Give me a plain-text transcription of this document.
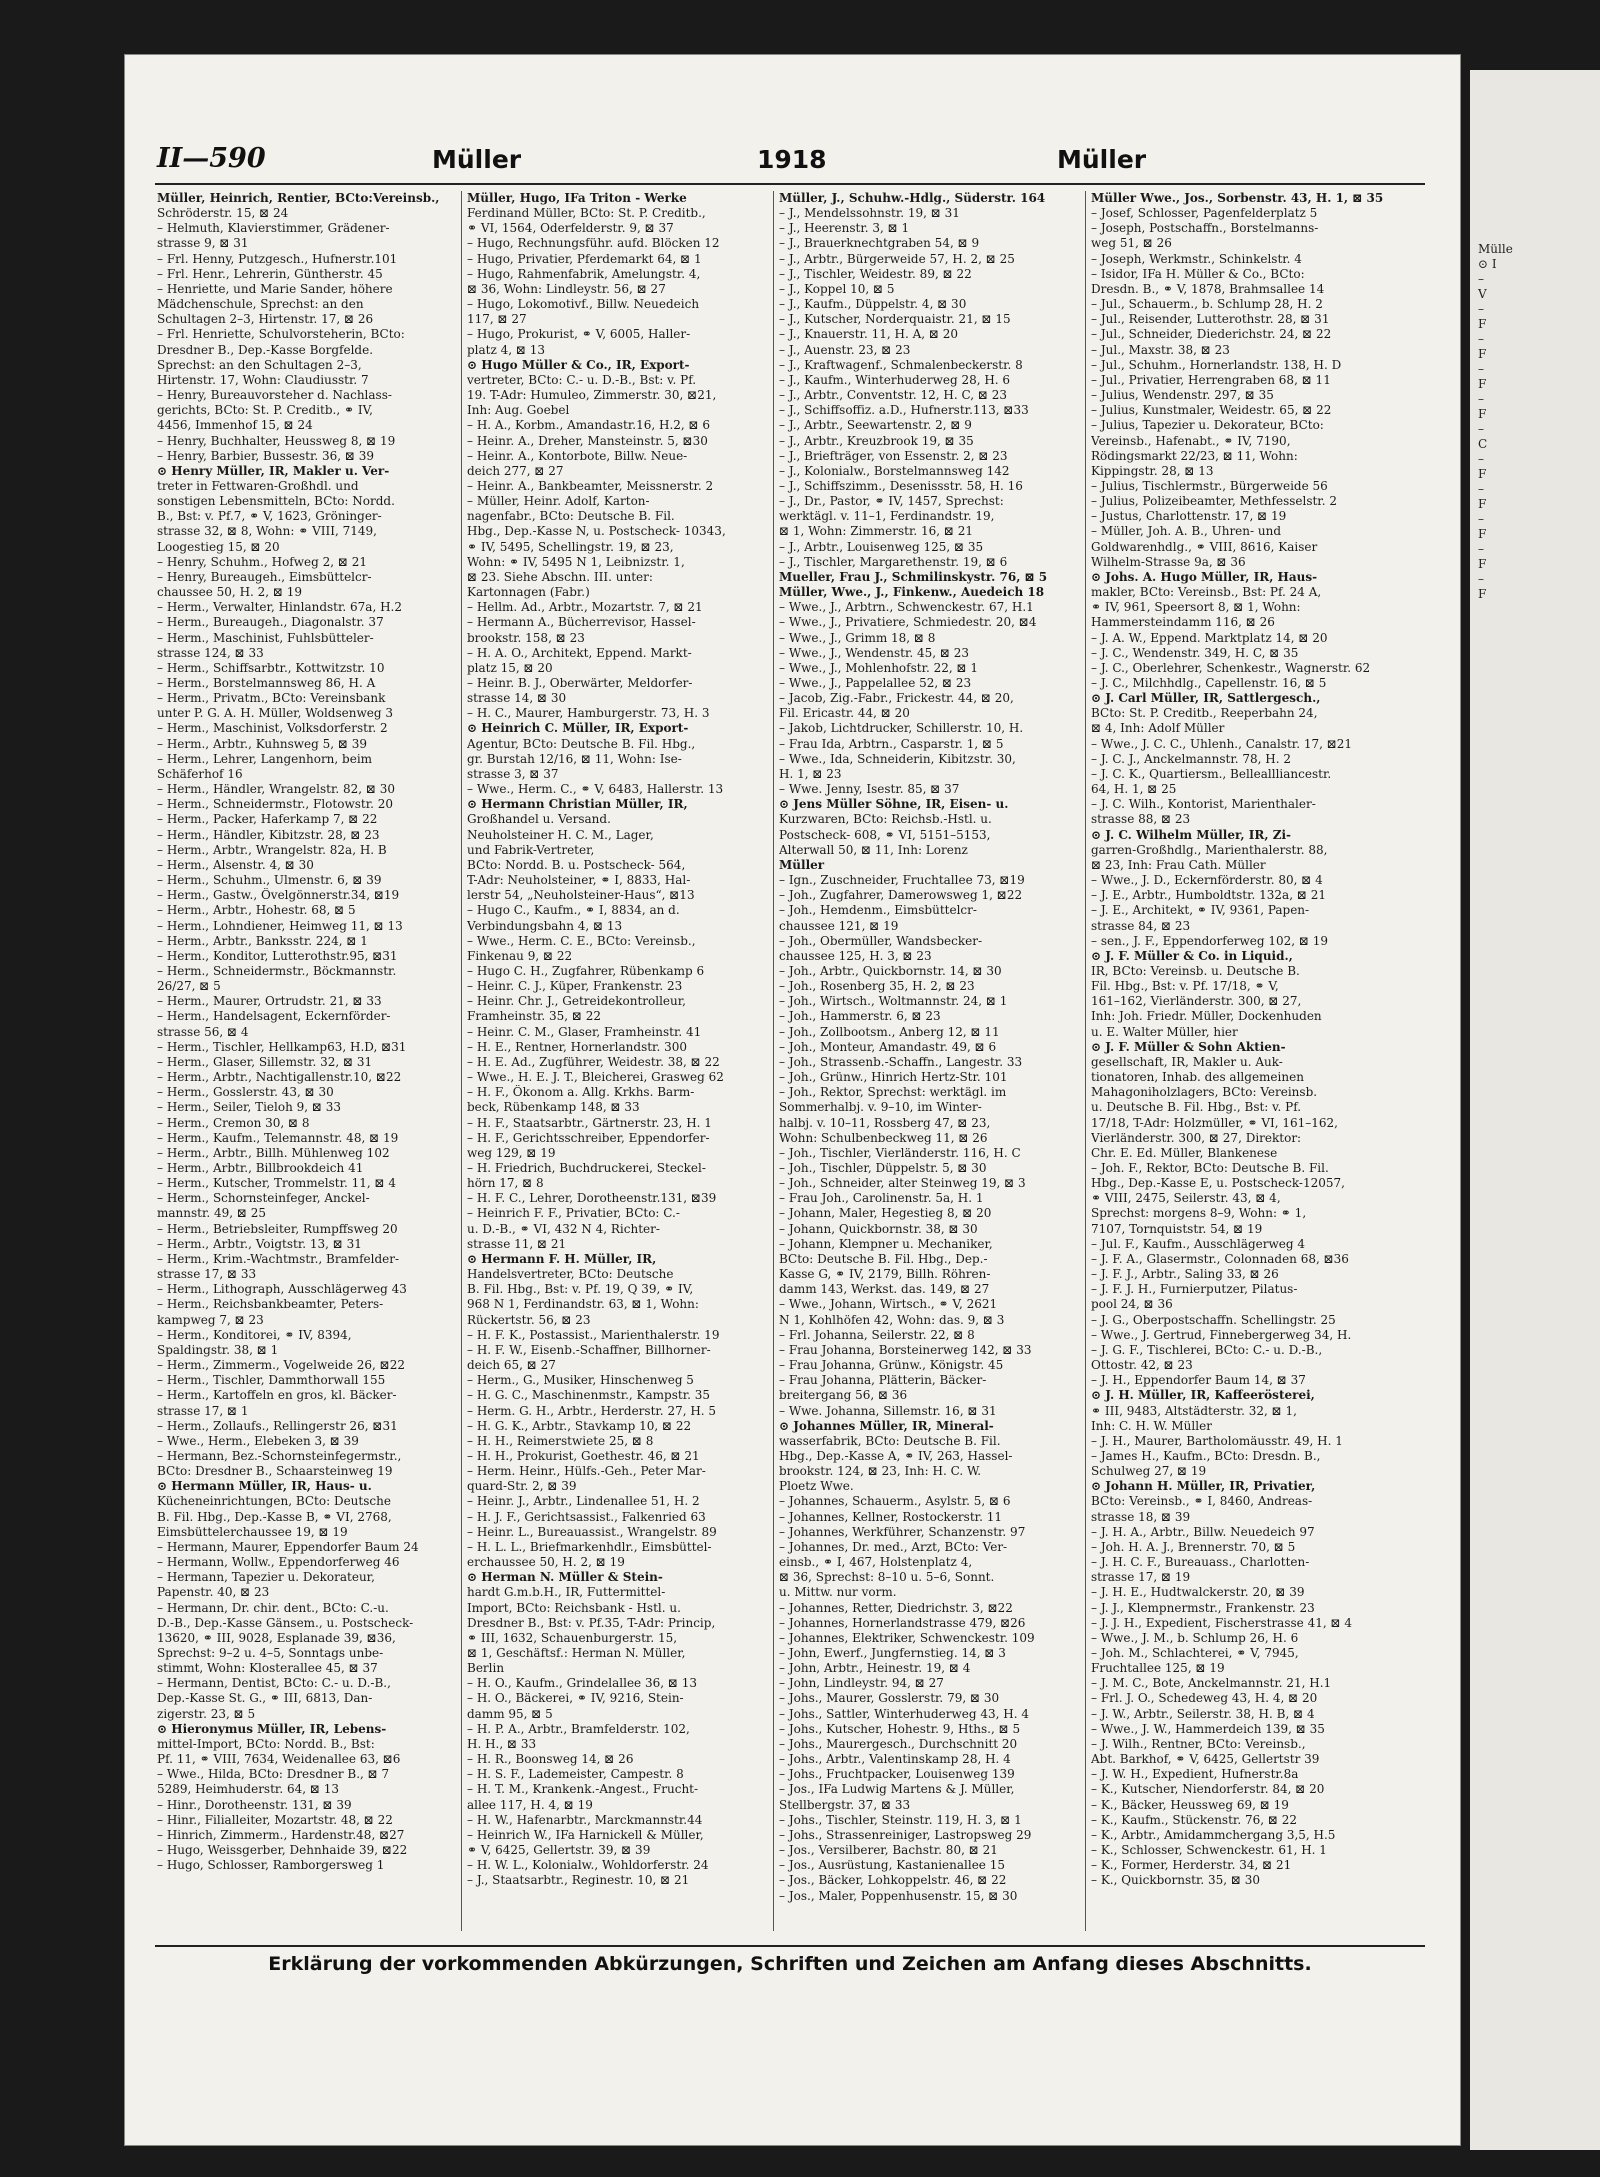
II—590	Müller	1918	Müller
Müller, Heinrich, Rentier, BCto:Vereinsb.,
Schröderstr. 15, ⊠ 24
– Helmuth, Klavierstimmer, Grädener-
strasse 9, ⊠ 31
– Frl. Henny, Putzgesch., Hufnerstr.101
– Frl. Henr., Lehrerin, Güntherstr. 45
– Henriette, und Marie Sander, höhere
Mädchenschule, Sprechst: an den
Schultagen 2–3, Hirtenstr. 17, ⊠ 26
– Frl. Henriette, Schulvorsteherin, BCto:
Dresdner B., Dep.-Kasse Borgfelde.
Sprechst: an den Schultagen 2–3,
Hirtenstr. 17, Wohn: Claudiusstr. 7
– Henry, Bureauvorsteher d. Nachlass-
gerichts, BCto: St. P. Creditb., ⚭ IV,
4456, Immenhof 15, ⊠ 24
– Henry, Buchhalter, Heussweg 8, ⊠ 19
– Henry, Barbier, Bussestr. 36, ⊠ 39
⊙ Henry Müller, IR, Makler u. Ver-
treter in Fettwaren-Großhdl. und
sonstigen Lebensmitteln, BCto: Nordd.
B., Bst: v. Pf.7, ⚭ V, 1623, Gröninger-
strasse 32, ⊠ 8, Wohn: ⚭ VIII, 7149,
Loogestieg 15, ⊠ 20
– Henry, Schuhm., Hofweg 2, ⊠ 21
– Henry, Bureaugeh., Eimsbüttelcr-
chaussee 50, H. 2, ⊠ 19
– Herm., Verwalter, Hinlandstr. 67a, H.2
– Herm., Bureaugeh., Diagonalstr. 37
– Herm., Maschinist, Fuhlsbütteler-
strasse 124, ⊠ 33
– Herm., Schiffsarbtr., Kottwitzstr. 10
– Herm., Borstelmannsweg 86, H. A
– Herm., Privatm., BCto: Vereinsbank
unter P. G. A. H. Müller, Woldsenweg 3
– Herm., Maschinist, Volksdorferstr. 2
– Herm., Arbtr., Kuhnsweg 5, ⊠ 39
– Herm., Lehrer, Langenhorn, beim
Schäferhof 16
– Herm., Händler, Wrangelstr. 82, ⊠ 30
– Herm., Schneidermstr., Flotowstr. 20
– Herm., Packer, Haferkamp 7, ⊠ 22
– Herm., Händler, Kibitzstr. 28, ⊠ 23
– Herm., Arbtr., Wrangelstr. 82a, H. B
– Herm., Alsenstr. 4, ⊠ 30
– Herm., Schuhm., Ulmenstr. 6, ⊠ 39
– Herm., Gastw., Övelgönnerstr.34, ⊠19
– Herm., Arbtr., Hohestr. 68, ⊠ 5
– Herm., Lohndiener, Heimweg 11, ⊠ 13
– Herm., Arbtr., Banksstr. 224, ⊠ 1
– Herm., Konditor, Lutterothstr.95, ⊠31
– Herm., Schneidermstr., Böckmannstr.
26/27, ⊠ 5
– Herm., Maurer, Ortrudstr. 21, ⊠ 33
– Herm., Handelsagent, Eckernförder-
strasse 56, ⊠ 4
– Herm., Tischler, Hellkamp63, H.D, ⊠31
– Herm., Glaser, Sillemstr. 32, ⊠ 31
– Herm., Arbtr., Nachtigallenstr.10, ⊠22
– Herm., Gosslerstr. 43, ⊠ 30
– Herm., Seiler, Tieloh 9, ⊠ 33
– Herm., Cremon 30, ⊠ 8
– Herm., Kaufm., Telemannstr. 48, ⊠ 19
– Herm., Arbtr., Billh. Mühlenweg 102
– Herm., Arbtr., Billbrookdeich 41
– Herm., Kutscher, Trommelstr. 11, ⊠ 4
– Herm., Schornsteinfeger, Anckel-
mannstr. 49, ⊠ 25
– Herm., Betriebsleiter, Rumpffsweg 20
– Herm., Arbtr., Voigtstr. 13, ⊠ 31
– Herm., Krim.-Wachtmstr., Bramfelder-
strasse 17, ⊠ 33
– Herm., Lithograph, Ausschlägerweg 43
– Herm., Reichsbankbeamter, Peters-
kampweg 7, ⊠ 23
– Herm., Konditorei, ⚭ IV, 8394,
Spaldingstr. 38, ⊠ 1
– Herm., Zimmerm., Vogelweide 26, ⊠22
– Herm., Tischler, Dammthorwall 155
– Herm., Kartoffeln en gros, kl. Bäcker-
strasse 17, ⊠ 1
– Herm., Zollaufs., Rellingerstr 26, ⊠31
– Wwe., Herm., Elebeken 3, ⊠ 39
– Hermann, Bez.-Schornsteinfegermstr.,
BCto: Dresdner B., Schaarsteinweg 19
⊙ Hermann Müller, IR, Haus- u.
Kücheneinrichtungen, BCto: Deutsche
B. Fil. Hbg., Dep.-Kasse B, ⚭ VI, 2768,
Eimsbüttelerchaussee 19, ⊠ 19
– Hermann, Maurer, Eppendorfer Baum 24
– Hermann, Wollw., Eppendorferweg 46
– Hermann, Tapezier u. Dekorateur,
Papenstr. 40, ⊠ 23
– Hermann, Dr. chir. dent., BCto: C.-u.
D.-B., Dep.-Kasse Gänsem., u. Postscheck-
13620, ⚭ III, 9028, Esplanade 39, ⊠36,
Sprechst: 9–2 u. 4–5, Sonntags unbe-
stimmt, Wohn: Klosterallee 45, ⊠ 37
– Hermann, Dentist, BCto: C.- u. D.-B.,
Dep.-Kasse St. G., ⚭ III, 6813, Dan-
zigerstr. 23, ⊠ 5
⊙ Hieronymus Müller, IR, Lebens-
mittel-Import, BCto: Nordd. B., Bst:
Pf. 11, ⚭ VIII, 7634, Weidenallee 63, ⊠6
– Wwe., Hilda, BCto: Dresdner B., ⊠ 7
5289, Heimhuderstr. 64, ⊠ 13
– Hinr., Dorotheenstr. 131, ⊠ 39
– Hinr., Filialleiter, Mozartstr. 48, ⊠ 22
– Hinrich, Zimmerm., Hardenstr.48, ⊠27
– Hugo, Weissgerber, Dehnhaide 39, ⊠22
– Hugo, Schlosser, Ramborgersweg 1
Müller, Hugo, IFa Triton - Werke
Ferdinand Müller, BCto: St. P. Creditb.,
⚭ VI, 1564, Oderfelderstr. 9, ⊠ 37
– Hugo, Rechnungsführ. aufd. Blöcken 12
– Hugo, Privatier, Pferdemarkt 64, ⊠ 1
– Hugo, Rahmenfabrik, Amelungstr. 4,
⊠ 36, Wohn: Lindleystr. 56, ⊠ 27
– Hugo, Lokomotivf., Billw. Neuedeich
117, ⊠ 27
– Hugo, Prokurist, ⚭ V, 6005, Haller-
platz 4, ⊠ 13
⊙ Hugo Müller & Co., IR, Export-
vertreter, BCto: C.- u. D.-B., Bst: v. Pf.
19. T-Adr: Humuleo, Zimmerstr. 30, ⊠21,
Inh: Aug. Goebel
– H. A., Korbm., Amandastr.16, H.2, ⊠ 6
– Heinr. A., Dreher, Mansteinstr. 5, ⊠30
– Heinr. A., Kontorbote, Billw. Neue-
deich 277, ⊠ 27
– Heinr. A., Bankbeamter, Meissnerstr. 2
– Müller, Heinr. Adolf, Karton-
nagenfabr., BCto: Deutsche B. Fil.
Hbg., Dep.-Kasse N, u. Postscheck- 10343,
⚭ IV, 5495, Schellingstr. 19, ⊠ 23,
Wohn: ⚭ IV, 5495 N 1, Leibnizstr. 1,
⊠ 23. Siehe Abschn. III. unter:
Kartonnagen (Fabr.)
– Hellm. Ad., Arbtr., Mozartstr. 7, ⊠ 21
– Hermann A., Bücherrevisor, Hassel-
brookstr. 158, ⊠ 23
– H. A. O., Architekt, Eppend. Markt-
platz 15, ⊠ 20
– Heinr. B. J., Oberwärter, Meldorfer-
strasse 14, ⊠ 30
– H. C., Maurer, Hamburgerstr. 73, H. 3
⊙ Heinrich C. Müller, IR, Export-
Agentur, BCto: Deutsche B. Fil. Hbg.,
gr. Burstah 12/16, ⊠ 11, Wohn: Ise-
strasse 3, ⊠ 37
– Wwe., Herm. C., ⚭ V, 6483, Hallerstr. 13
⊙ Hermann Christian Müller, IR,
Großhandel u. Versand.
Neuholsteiner H. C. M., Lager,
und Fabrik-Vertreter,
BCto: Nordd. B. u. Postscheck- 564,
T-Adr: Neuholsteiner, ⚭ I, 8833, Hal-
lerstr 54, „Neuholsteiner-Haus“, ⊠13
– Hugo C., Kaufm., ⚭ I, 8834, an d.
Verbindungsbahn 4, ⊠ 13
– Wwe., Herm. C. E., BCto: Vereinsb.,
Finkenau 9, ⊠ 22
– Hugo C. H., Zugfahrer, Rübenkamp 6
– Heinr. C. J., Küper, Frankenstr. 23
– Heinr. Chr. J., Getreidekontrolleur,
Framheinstr. 35, ⊠ 22
– Heinr. C. M., Glaser, Framheinstr. 41
– H. E., Rentner, Hornerlandstr. 300
– H. E. Ad., Zugführer, Weidestr. 38, ⊠ 22
– Wwe., H. E. J. T., Bleicherei, Grasweg 62
– H. F., Ökonom a. Allg. Krkhs. Barm-
beck, Rübenkamp 148, ⊠ 33
– H. F., Staatsarbtr., Gärtnerstr. 23, H. 1
– H. F., Gerichtsschreiber, Eppendorfer-
weg 129, ⊠ 19
– H. Friedrich, Buchdruckerei, Steckel-
hörn 17, ⊠ 8
– H. F. C., Lehrer, Dorotheenstr.131, ⊠39
– Heinrich F. F., Privatier, BCto: C.-
u. D.-B., ⚭ VI, 432 N 4, Richter-
strasse 11, ⊠ 21
⊙ Hermann F. H. Müller, IR,
Handelsvertreter, BCto: Deutsche
B. Fil. Hbg., Bst: v. Pf. 19, Q 39, ⚭ IV,
968 N 1, Ferdinandstr. 63, ⊠ 1, Wohn:
Rückertstr. 56, ⊠ 23
– H. F. K., Postassist., Marienthalerstr. 19
– H. F. W., Eisenb.-Schaffner, Billhorner-
deich 65, ⊠ 27
– Herm., G., Musiker, Hinschenweg 5
– H. G. C., Maschinenmstr., Kampstr. 35
– Herm. G. H., Arbtr., Herderstr. 27, H. 5
– H. G. K., Arbtr., Stavkamp 10, ⊠ 22
– H. H., Reimerstwiete 25, ⊠ 8
– H. H., Prokurist, Goethestr. 46, ⊠ 21
– Herm. Heinr., Hülfs.-Geh., Peter Mar-
quard-Str. 2, ⊠ 39
– Heinr. J., Arbtr., Lindenallee 51, H. 2
– H. J. F., Gerichtsassist., Falkenried 63
– Heinr. L., Bureauassist., Wrangelstr. 89
– H. L. L., Briefmarkenhdlr., Eimsbüttel-
erchaussee 50, H. 2, ⊠ 19
⊙ Herman N. Müller & Stein-
hardt G.m.b.H., IR, Futtermittel-
Import, BCto: Reichsbank - Hstl. u.
Dresdner B., Bst: v. Pf.35, T-Adr: Princip,
⚭ III, 1632, Schauenburgerstr. 15,
⊠ 1, Geschäftsf.: Herman N. Müller,
Berlin
– H. O., Kaufm., Grindelallee 36, ⊠ 13
– H. O., Bäckerei, ⚭ IV, 9216, Stein-
damm 95, ⊠ 5
– H. P. A., Arbtr., Bramfelderstr. 102,
H. H., ⊠ 33
– H. R., Boonsweg 14, ⊠ 26
– H. S. F., Lademeister, Campestr. 8
– H. T. M., Krankenk.-Angest., Frucht-
allee 117, H. 4, ⊠ 19
– H. W., Hafenarbtr., Marckmannstr.44
– Heinrich W., IFa Harnickell & Müller,
⚭ V, 6425, Gellertstr. 39, ⊠ 39
– H. W. L., Kolonialw., Wohldorferstr. 24
– J., Staatsarbtr., Reginestr. 10, ⊠ 21
Müller, J., Schuhw.-Hdlg., Süderstr. 164
– J., Mendelssohnstr. 19, ⊠ 31
– J., Heerenstr. 3, ⊠ 1
– J., Brauerknechtgraben 54, ⊠ 9
– J., Arbtr., Bürgerweide 57, H. 2, ⊠ 25
– J., Tischler, Weidestr. 89, ⊠ 22
– J., Koppel 10, ⊠ 5
– J., Kaufm., Düppelstr. 4, ⊠ 30
– J., Kutscher, Norderquaistr. 21, ⊠ 15
– J., Knauerstr. 11, H. A, ⊠ 20
– J., Auenstr. 23, ⊠ 23
– J., Kraftwagenf., Schmalenbeckerstr. 8
– J., Kaufm., Winterhuderweg 28, H. 6
– J., Arbtr., Conventstr. 12, H. C, ⊠ 23
– J., Schiffsoffiz. a.D., Hufnerstr.113, ⊠33
– J., Arbtr., Seewartenstr. 2, ⊠ 9
– J., Arbtr., Kreuzbrook 19, ⊠ 35
– J., Briefträger, von Essenstr. 2, ⊠ 23
– J., Kolonialw., Borstelmannsweg 142
– J., Schiffszimm., Desenissstr. 58, H. 16
– J., Dr., Pastor, ⚭ IV, 1457, Sprechst:
werktägl. v. 11–1, Ferdinandstr. 19,
⊠ 1, Wohn: Zimmerstr. 16, ⊠ 21
– J., Arbtr., Louisenweg 125, ⊠ 35
– J., Tischler, Margarethenstr. 19, ⊠ 6
Mueller, Frau J., Schmilinskystr. 76, ⊠ 5
Müller, Wwe., J., Finkenw., Auedeich 18
– Wwe., J., Arbtrn., Schwenckestr. 67, H.1
– Wwe., J., Privatiere, Schmiedestr. 20, ⊠4
– Wwe., J., Grimm 18, ⊠ 8
– Wwe., J., Wendenstr. 45, ⊠ 23
– Wwe., J., Mohlenhofstr. 22, ⊠ 1
– Wwe., J., Pappelallee 52, ⊠ 23
– Jacob, Zig.-Fabr., Frickestr. 44, ⊠ 20,
Fil. Ericastr. 44, ⊠ 20
– Jakob, Lichtdrucker, Schillerstr. 10, H.
– Frau Ida, Arbtrn., Casparstr. 1, ⊠ 5
– Wwe., Ida, Schneiderin, Kibitzstr. 30,
H. 1, ⊠ 23
– Wwe. Jenny, Isestr. 85, ⊠ 37
⊙ Jens Müller Söhne, IR, Eisen- u.
Kurzwaren, BCto: Reichsb.-Hstl. u.
Postscheck- 608, ⚭ VI, 5151–5153,
Alterwall 50, ⊠ 11, Inh: Lorenz
Müller
– Ign., Zuschneider, Fruchtallee 73, ⊠19
– Joh., Zugfahrer, Damerowsweg 1, ⊠22
– Joh., Hemdenm., Eimsbüttelcr-
chaussee 121, ⊠ 19
– Joh., Obermüller, Wandsbecker-
chaussee 125, H. 3, ⊠ 23
– Joh., Arbtr., Quickbornstr. 14, ⊠ 30
– Joh., Rosenberg 35, H. 2, ⊠ 23
– Joh., Wirtsch., Woltmannstr. 24, ⊠ 1
– Joh., Hammerstr. 6, ⊠ 23
– Joh., Zollbootsm., Anberg 12, ⊠ 11
– Joh., Monteur, Amandastr. 49, ⊠ 6
– Joh., Strassenb.-Schaffn., Langestr. 33
– Joh., Grünw., Hinrich Hertz-Str. 101
– Joh., Rektor, Sprechst: werktägl. im
Sommerhalbj. v. 9–10, im Winter-
halbj. v. 10–11, Rossberg 47, ⊠ 23,
Wohn: Schulbenbeckweg 11, ⊠ 26
– Joh., Tischler, Vierländerstr. 116, H. C
– Joh., Tischler, Düppelstr. 5, ⊠ 30
– Joh., Schneider, alter Steinweg 19, ⊠ 3
– Frau Joh., Carolinenstr. 5a, H. 1
– Johann, Maler, Hegestieg 8, ⊠ 20
– Johann, Quickbornstr. 38, ⊠ 30
– Johann, Klempner u. Mechaniker,
BCto: Deutsche B. Fil. Hbg., Dep.-
Kasse G, ⚭ IV, 2179, Billh. Röhren-
damm 143, Werkst. das. 149, ⊠ 27
– Wwe., Johann, Wirtsch., ⚭ V, 2621
N 1, Kohlhöfen 42, Wohn: das. 9, ⊠ 3
– Frl. Johanna, Seilerstr. 22, ⊠ 8
– Frau Johanna, Borsteinerweg 142, ⊠ 33
– Frau Johanna, Grünw., Königstr. 45
– Frau Johanna, Plätterin, Bäcker-
breitergang 56, ⊠ 36
– Wwe. Johanna, Sillemstr. 16, ⊠ 31
⊙ Johannes Müller, IR, Mineral-
wasserfabrik, BCto: Deutsche B. Fil.
Hbg., Dep.-Kasse A, ⚭ IV, 263, Hassel-
brookstr. 124, ⊠ 23, Inh: H. C. W.
Ploetz Wwe.
– Johannes, Schauerm., Asylstr. 5, ⊠ 6
– Johannes, Kellner, Rostockerstr. 11
– Johannes, Werkführer, Schanzenstr. 97
– Johannes, Dr. med., Arzt, BCto: Ver-
einsb., ⚭ I, 467, Holstenplatz 4,
⊠ 36, Sprechst: 8–10 u. 5–6, Sonnt.
u. Mittw. nur vorm.
– Johannes, Retter, Diedrichstr. 3, ⊠22
– Johannes, Hornerlandstrasse 479, ⊠26
– Johannes, Elektriker, Schwenckestr. 109
– John, Ewerf., Jungfernstieg. 14, ⊠ 3
– John, Arbtr., Heinestr. 19, ⊠ 4
– John, Lindleystr. 94, ⊠ 27
– Johs., Maurer, Gosslerstr. 79, ⊠ 30
– Johs., Sattler, Winterhuderweg 43, H. 4
– Johs., Kutscher, Hohestr. 9, Hths., ⊠ 5
– Johs., Maurergesch., Durchschnitt 20
– Johs., Arbtr., Valentinskamp 28, H. 4
– Johs., Fruchtpacker, Louisenweg 139
– Jos., IFa Ludwig Martens & J. Müller,
Stellbergstr. 37, ⊠ 33
– Johs., Tischler, Steinstr. 119, H. 3, ⊠ 1
– Johs., Strassenreiniger, Lastropsweg 29
– Jos., Versilberer, Bachstr. 80, ⊠ 21
– Jos., Ausrüstung, Kastanienallee 15
– Jos., Bäcker, Lohkoppelstr. 46, ⊠ 22
– Jos., Maler, Poppenhusenstr. 15, ⊠ 30
Müller Wwe., Jos., Sorbenstr. 43, H. 1, ⊠ 35
– Josef, Schlosser, Pagenfelderplatz 5
– Joseph, Postschaffn., Borstelmanns-
weg 51, ⊠ 26
– Joseph, Werkmstr., Schinkelstr. 4
– Isidor, IFa H. Müller & Co., BCto:
Dresdn. B., ⚭ V, 1878, Brahmsallee 14
– Jul., Schauerm., b. Schlump 28, H. 2
– Jul., Reisender, Lutterothstr. 28, ⊠ 31
– Jul., Schneider, Diederichstr. 24, ⊠ 22
– Jul., Maxstr. 38, ⊠ 23
– Jul., Schuhm., Hornerlandstr. 138, H. D
– Jul., Privatier, Herrengraben 68, ⊠ 11
– Julius, Wendenstr. 297, ⊠ 35
– Julius, Kunstmaler, Weidestr. 65, ⊠ 22
– Julius, Tapezier u. Dekorateur, BCto:
Vereinsb., Hafenabt., ⚭ IV, 7190,
Rödingsmarkt 22/23, ⊠ 11, Wohn:
Kippingstr. 28, ⊠ 13
– Julius, Tischlermstr., Bürgerweide 56
– Julius, Polizeibeamter, Methfesselstr. 2
– Justus, Charlottenstr. 17, ⊠ 19
– Müller, Joh. A. B., Uhren- und
Goldwarenhdlg., ⚭ VIII, 8616, Kaiser
Wilhelm-Strasse 9a, ⊠ 36
⊙ Johs. A. Hugo Müller, IR, Haus-
makler, BCto: Vereinsb., Bst: Pf. 24 A,
⚭ IV, 961, Speersort 8, ⊠ 1, Wohn:
Hammersteindamm 116, ⊠ 26
– J. A. W., Eppend. Marktplatz 14, ⊠ 20
– J. C., Wendenstr. 349, H. C, ⊠ 35
– J. C., Oberlehrer, Schenkestr., Wagnerstr. 62
– J. C., Milchhdlg., Capellenstr. 16, ⊠ 5
⊙ J. Carl Müller, IR, Sattlergesch.,
BCto: St. P. Creditb., Reeperbahn 24,
⊠ 4, Inh: Adolf Müller
– Wwe., J. C. C., Uhlenh., Canalstr. 17, ⊠21
– J. C. J., Anckelmannstr. 78, H. 2
– J. C. K., Quartiersm., Belleallliancestr.
64, H. 1, ⊠ 25
– J. C. Wilh., Kontorist, Marienthaler-
strasse 88, ⊠ 23
⊙ J. C. Wilhelm Müller, IR, Zi-
garren-Großhdlg., Marienthalerstr. 88,
⊠ 23, Inh: Frau Cath. Müller
– Wwe., J. D., Eckernförderstr. 80, ⊠ 4
– J. E., Arbtr., Humboldtstr. 132a, ⊠ 21
– J. E., Architekt, ⚭ IV, 9361, Papen-
strasse 84, ⊠ 23
– sen., J. F., Eppendorferweg 102, ⊠ 19
⊙ J. F. Müller & Co. in Liquid.,
IR, BCto: Vereinsb. u. Deutsche B.
Fil. Hbg., Bst: v. Pf. 17/18, ⚭ V,
161–162, Vierländerstr. 300, ⊠ 27,
Inh: Joh. Friedr. Müller, Dockenhuden
u. E. Walter Müller, hier
⊙ J. F. Müller & Sohn Aktien-
gesellschaft, IR, Makler u. Auk-
tionatoren, Inhab. des allgemeinen
Mahagoniholzlagers, BCto: Vereinsb.
u. Deutsche B. Fil. Hbg., Bst: v. Pf.
17/18, T-Adr: Holzmüller, ⚭ VI, 161–162,
Vierländerstr. 300, ⊠ 27, Direktor:
Chr. E. Ed. Müller, Blankenese
– Joh. F., Rektor, BCto: Deutsche B. Fil.
Hbg., Dep.-Kasse E, u. Postscheck-12057,
⚭ VIII, 2475, Seilerstr. 43, ⊠ 4,
Sprechst: morgens 8–9, Wohn: ⚭ 1,
7107, Tornquiststr. 54, ⊠ 19
– Jul. F., Kaufm., Ausschlägerweg 4
– J. F. A., Glasermstr., Colonnaden 68, ⊠36
– J. F. J., Arbtr., Saling 33, ⊠ 26
– J. F. J. H., Furnierputzer, Pilatus-
pool 24, ⊠ 36
– J. G., Oberpostschaffn. Schellingstr. 25
– Wwe., J. Gertrud, Finnebergerweg 34, H.
– J. G. F., Tischlerei, BCto: C.- u. D.-B.,
Ottostr. 42, ⊠ 23
– J. H., Eppendorfer Baum 14, ⊠ 37
⊙ J. H. Müller, IR, Kaffeerösterei,
⚭ III, 9483, Altstädterstr. 32, ⊠ 1,
Inh: C. H. W. Müller
– J. H., Maurer, Bartholomäusstr. 49, H. 1
– James H., Kaufm., BCto: Dresdn. B.,
Schulweg 27, ⊠ 19
⊙ Johann H. Müller, IR, Privatier,
BCto: Vereinsb., ⚭ I, 8460, Andreas-
strasse 18, ⊠ 39
– J. H. A., Arbtr., Billw. Neuedeich 97
– Joh. H. A. J., Brennerstr. 70, ⊠ 5
– J. H. C. F., Bureauass., Charlotten-
strasse 17, ⊠ 19
– J. H. E., Hudtwalckerstr. 20, ⊠ 39
– J. J., Klempnermstr., Frankenstr. 23
– J. J. H., Expedient, Fischerstrasse 41, ⊠ 4
– Wwe., J. M., b. Schlump 26, H. 6
– Joh. M., Schlachterei, ⚭ V, 7945,
Fruchtallee 125, ⊠ 19
– J. M. C., Bote, Anckelmannstr. 21, H.1
– Frl. J. O., Schedeweg 43, H. 4, ⊠ 20
– J. W., Arbtr., Seilerstr. 38, H. B, ⊠ 4
– Wwe., J. W., Hammerdeich 139, ⊠ 35
– J. Wilh., Rentner, BCto: Vereinsb.,
Abt. Barkhof, ⚭ V, 6425, Gellertstr 39
– J. W. H., Expedient, Hufnerstr.8a
– K., Kutscher, Niendorferstr. 84, ⊠ 20
– K., Bäcker, Heussweg 69, ⊠ 19
– K., Kaufm., Stückenstr. 76, ⊠ 22
– K., Arbtr., Amidammchergang 3,5, H.5
– K., Schlosser, Schwenckestr. 61, H. 1
– K., Former, Herderstr. 34, ⊠ 21
– K., Quickbornstr. 35, ⊠ 30
Erklärung der vorkommenden Abkürzungen, Schriften und Zeichen am Anfang dieses Abschnitts.
Mülle
⊙ I
–
V
–
F
–
F
–
F
–
F
–
C
–
F
–
F
–
F
–
F
–
F
